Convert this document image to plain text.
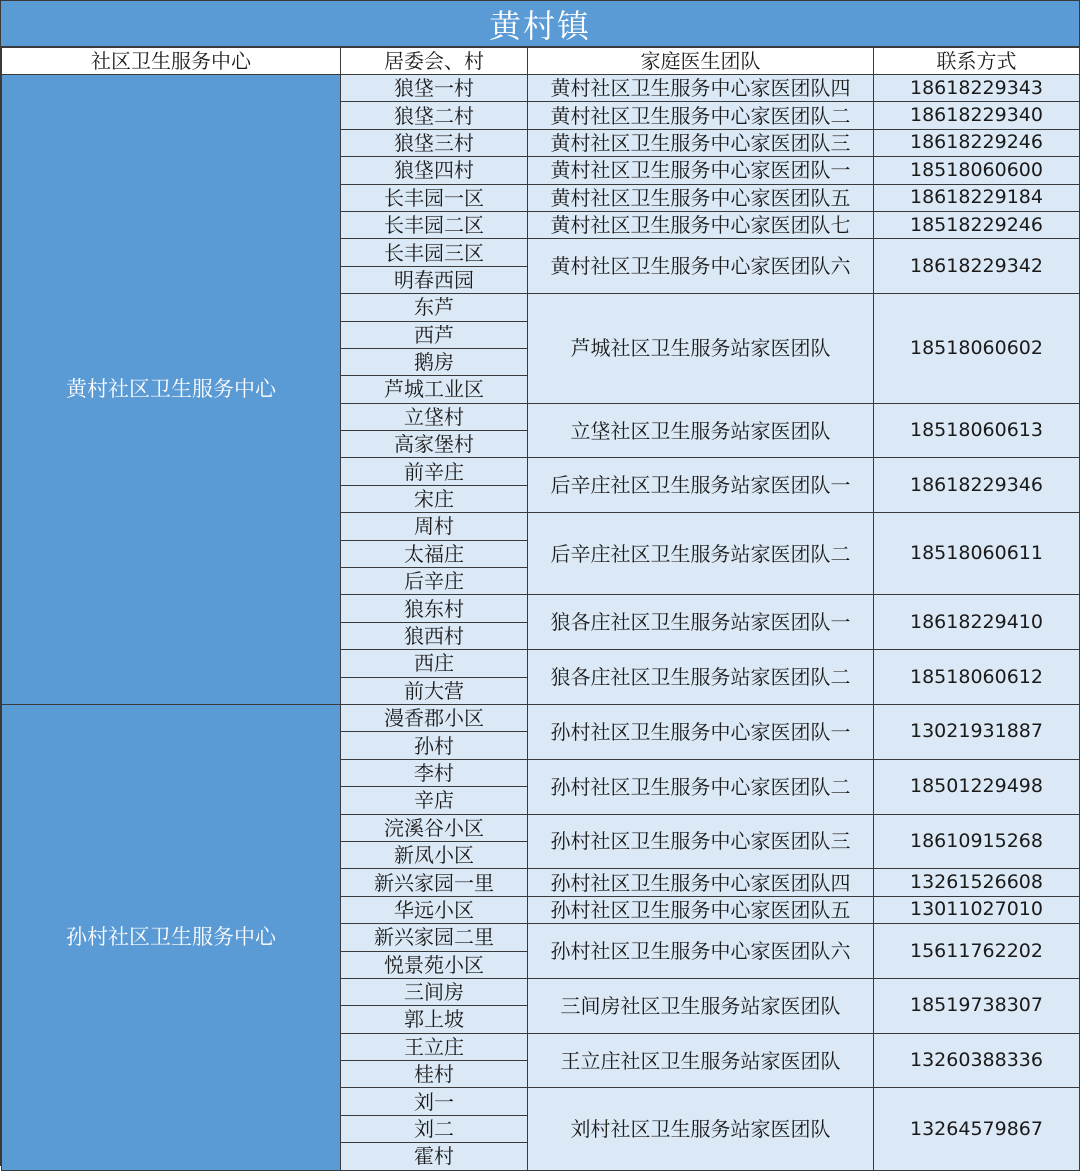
黄村镇
社区卫生服务中心	居委会、村	家庭医生团队	联系方式
黄村社区卫生服务中心	狼垡一村	黄村社区卫生服务中心家医团队四	18618229343
	狼垡二村	黄村社区卫生服务中心家医团队二	18618229340
	狼垡三村	黄村社区卫生服务中心家医团队三	18618229246
	狼垡四村	黄村社区卫生服务中心家医团队一	18518060600
	长丰园一区	黄村社区卫生服务中心家医团队五	18618229184
	长丰园二区	黄村社区卫生服务中心家医团队七	18518229246
	长丰园三区	黄村社区卫生服务中心家医团队六	18618229342
	明春西园		
	东芦	芦城社区卫生服务站家医团队	18518060602
	西芦		
	鹅房		
	芦城工业区		
	立垡村	立垡社区卫生服务站家医团队	18518060613
	高家堡村		
	前辛庄	后辛庄社区卫生服务站家医团队一	18618229346
	宋庄		
	周村	后辛庄社区卫生服务站家医团队二	18518060611
	太福庄		
	后辛庄		
	狼东村	狼各庄社区卫生服务站家医团队一	18618229410
	狼西村		
	西庄	狼各庄社区卫生服务站家医团队二	18518060612
	前大营		
孙村社区卫生服务中心	漫香郡小区	孙村社区卫生服务中心家医团队一	13021931887
	孙村		
	李村	孙村社区卫生服务中心家医团队二	18501229498
	辛店		
	浣溪谷小区	孙村社区卫生服务中心家医团队三	18610915268
	新凤小区		
	新兴家园一里	孙村社区卫生服务中心家医团队四	13261526608
	华远小区	孙村社区卫生服务中心家医团队五	13011027010
	新兴家园二里	孙村社区卫生服务中心家医团队六	15611762202
	悦景苑小区		
	三间房	三间房社区卫生服务站家医团队	18519738307
	郭上坡		
	王立庄	王立庄社区卫生服务站家医团队	13260388336
	桂村		
	刘一	刘村社区卫生服务站家医团队	13264579867
	刘二		
	霍村		
